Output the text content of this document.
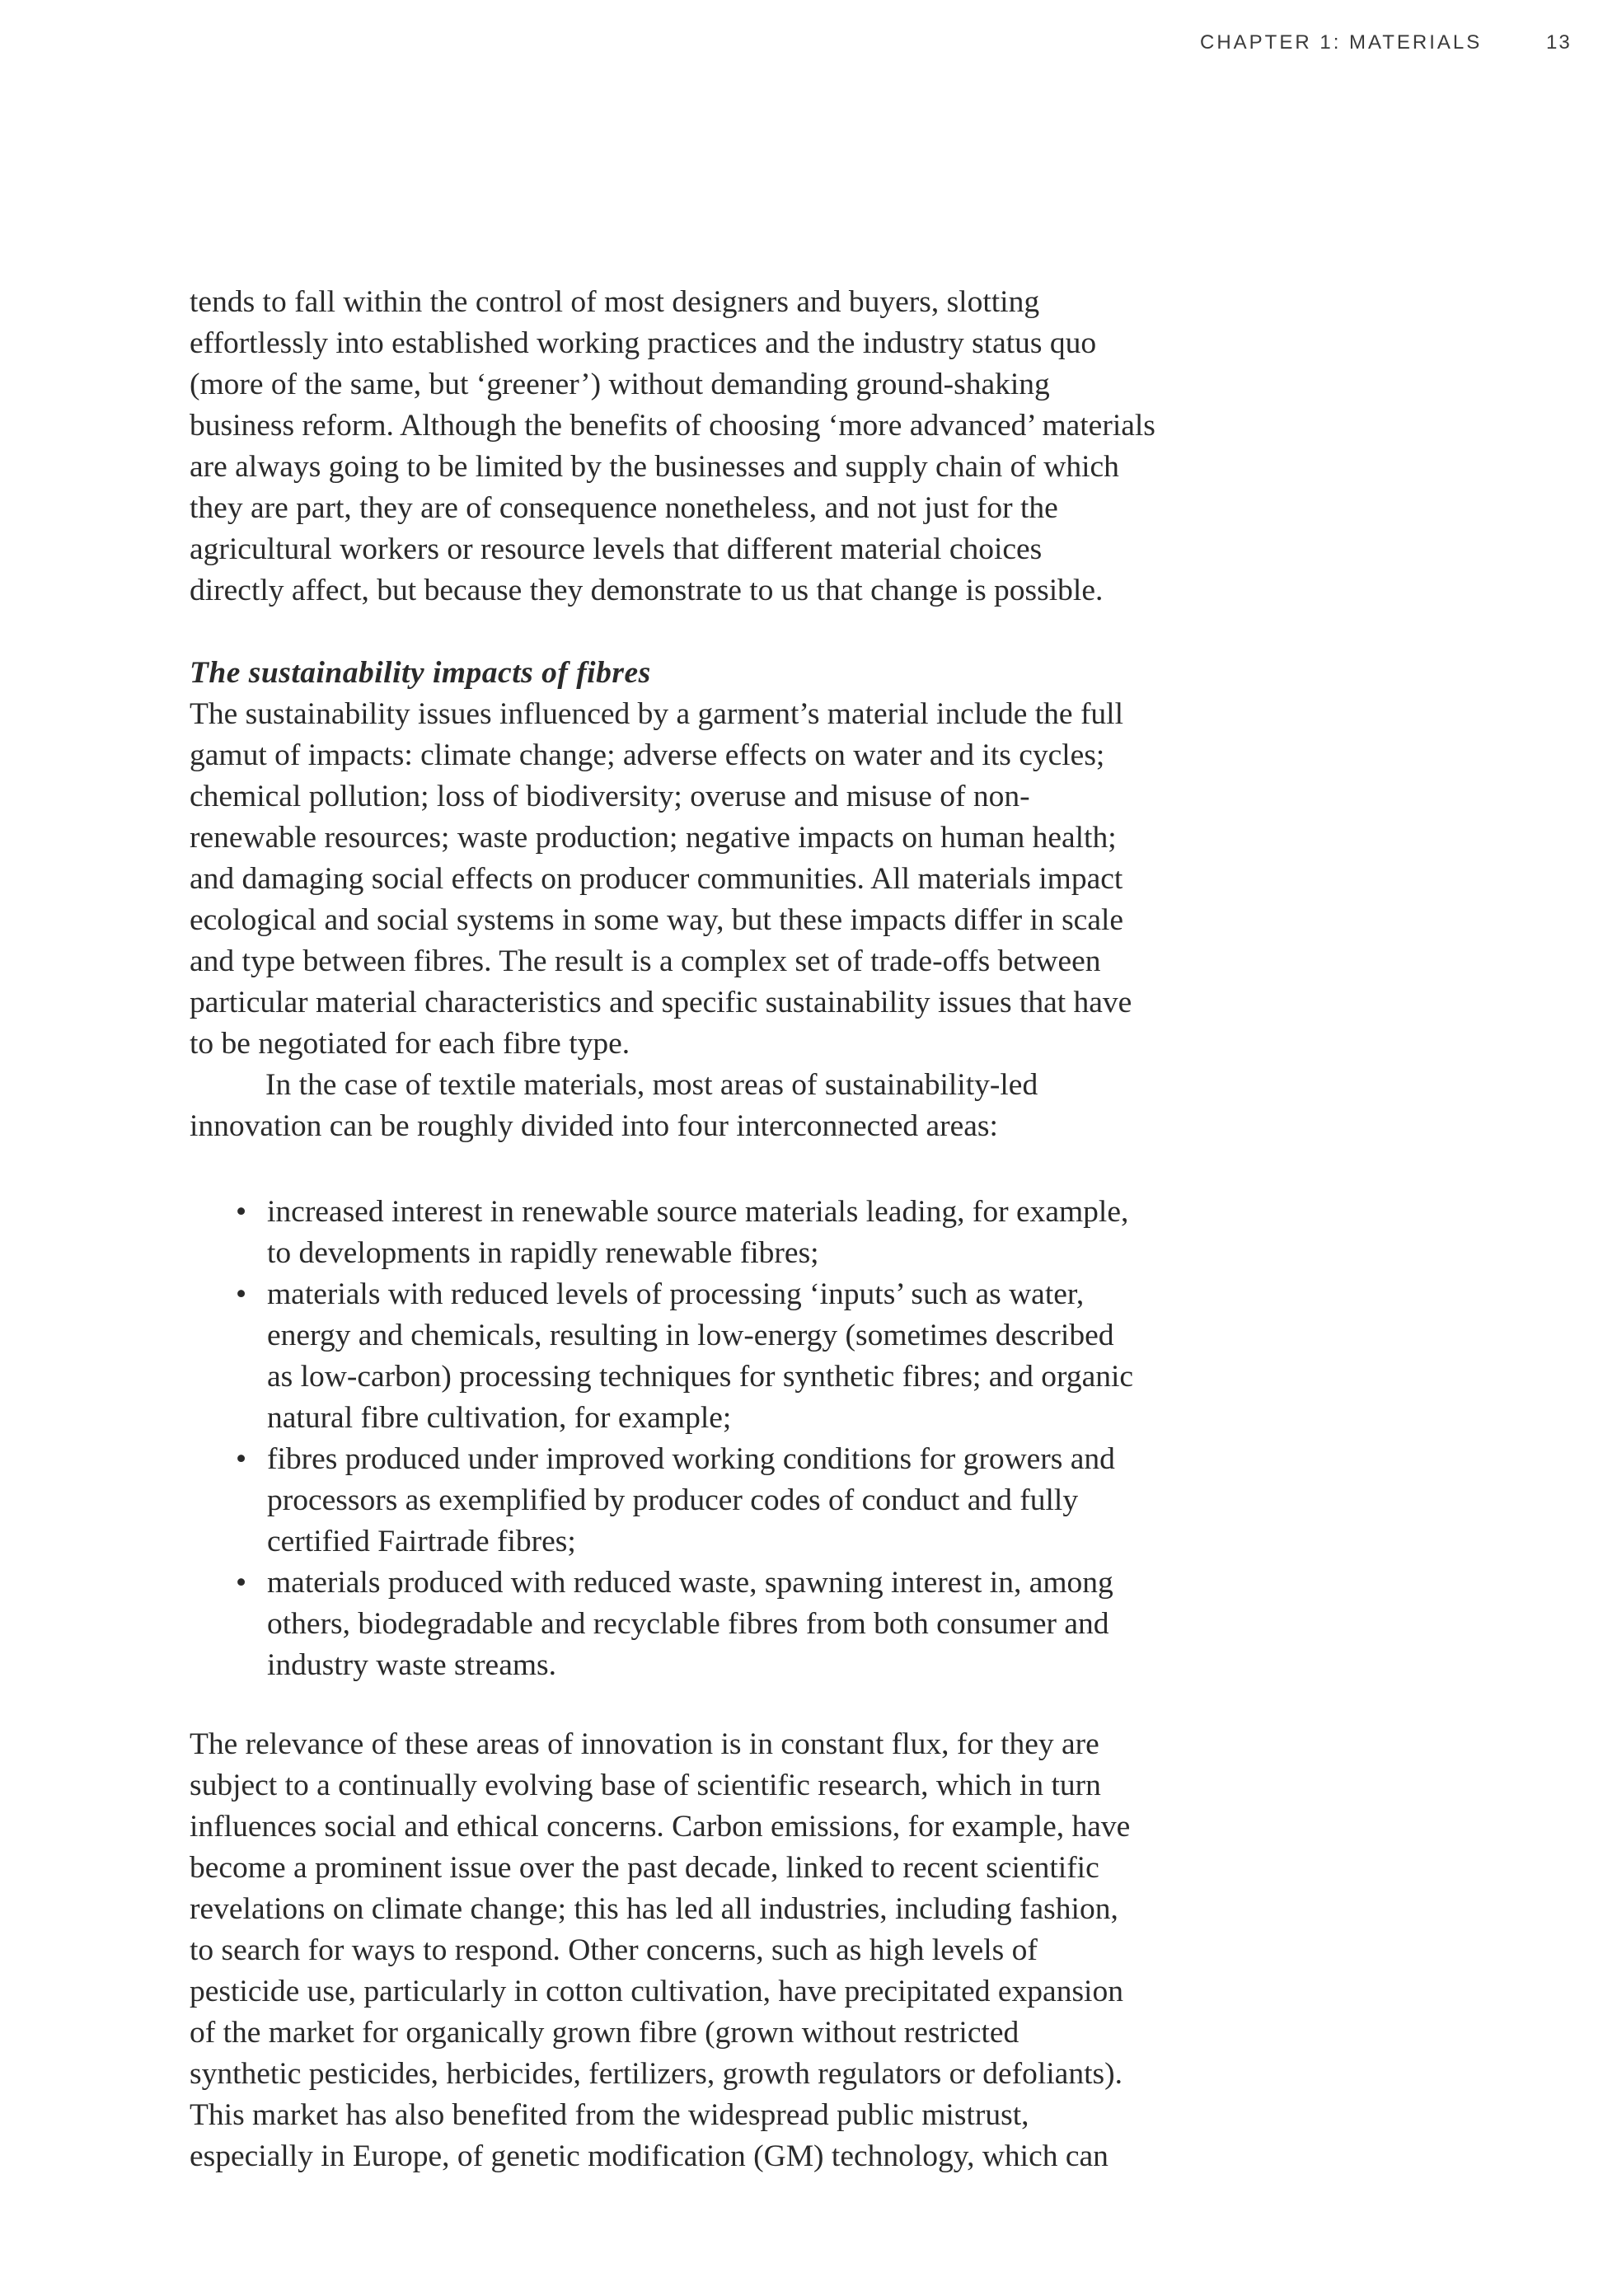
CHAPTER 1: MATERIALS	13
tends to fall within the control of most designers and buyers, slotting
effortlessly into established working practices and the industry status quo
(more of the same, but ‘greener’) without demanding ground-shaking
business reform. Although the benefits of choosing ‘more advanced’ materials
are always going to be limited by the businesses and supply chain of which
they are part, they are of consequence nonetheless, and not just for the
agricultural workers or resource levels that different material choices
directly affect, but because they demonstrate to us that change is possible.
The sustainability impacts of fibres
The sustainability issues influenced by a garment’s material include the full
gamut of impacts: climate change; adverse effects on water and its cycles;
chemical pollution; loss of biodiversity; overuse and misuse of non-
renewable resources; waste production; negative impacts on human health;
and damaging social effects on producer communities. All materials impact
ecological and social systems in some way, but these impacts differ in scale
and type between fibres. The result is a complex set of trade-offs between
particular material characteristics and specific sustainability issues that have
to be negotiated for each fibre type.
In the case of textile materials, most areas of sustainability-led
innovation can be roughly divided into four interconnected areas:
• increased interest in renewable source materials leading, for example,
to developments in rapidly renewable fibres;
• materials with reduced levels of processing ‘inputs’ such as water,
energy and chemicals, resulting in low-energy (sometimes described
as low-carbon) processing techniques for synthetic fibres; and organic
natural fibre cultivation, for example;
• fibres produced under improved working conditions for growers and
processors as exemplified by producer codes of conduct and fully
certified Fairtrade fibres;
• materials produced with reduced waste, spawning interest in, among
others, biodegradable and recyclable fibres from both consumer and
industry waste streams.
The relevance of these areas of innovation is in constant flux, for they are
subject to a continually evolving base of scientific research, which in turn
influences social and ethical concerns. Carbon emissions, for example, have
become a prominent issue over the past decade, linked to recent scientific
revelations on climate change; this has led all industries, including fashion,
to search for ways to respond. Other concerns, such as high levels of
pesticide use, particularly in cotton cultivation, have precipitated expansion
of the market for organically grown fibre (grown without restricted
synthetic pesticides, herbicides, fertilizers, growth regulators or defoliants).
This market has also benefited from the widespread public mistrust,
especially in Europe, of genetic modification (GM) technology, which can
